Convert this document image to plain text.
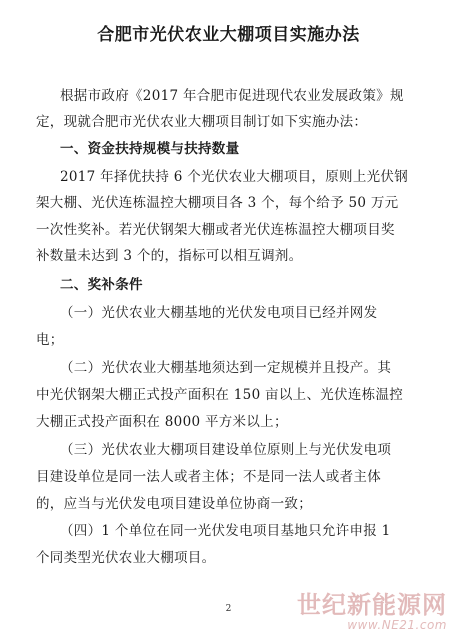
合肥市光伏农业大棚项目实施办法
根据市政府《2017 年合肥市促进现代农业发展政策》规
定，现就合肥市光伏农业大棚项目制订如下实施办法：
一、资金扶持规模与扶持数量
2017 年择优扶持 6 个光伏农业大棚项目，原则上光伏钢
架大棚、光伏连栋温控大棚项目各 3 个，每个给予 50 万元
一次性奖补。若光伏钢架大棚或者光伏连栋温控大棚项目奖
补数量未达到 3 个的，指标可以相互调剂。
二、奖补条件
（一）光伏农业大棚基地的光伏发电项目已经并网发
电；
（二）光伏农业大棚基地须达到一定规模并且投产。其
中光伏钢架大棚正式投产面积在 150 亩以上、光伏连栋温控
大棚正式投产面积在 8000 平方米以上；
（三）光伏农业大棚项目建设单位原则上与光伏发电项
目建设单位是同一法人或者主体；不是同一法人或者主体
的，应当与光伏发电项目建设单位协商一致；
（四）1 个单位在同一光伏发电项目基地只允许申报 1
个同类型光伏农业大棚项目。
2	世纪新能源网
www.NE21.com
